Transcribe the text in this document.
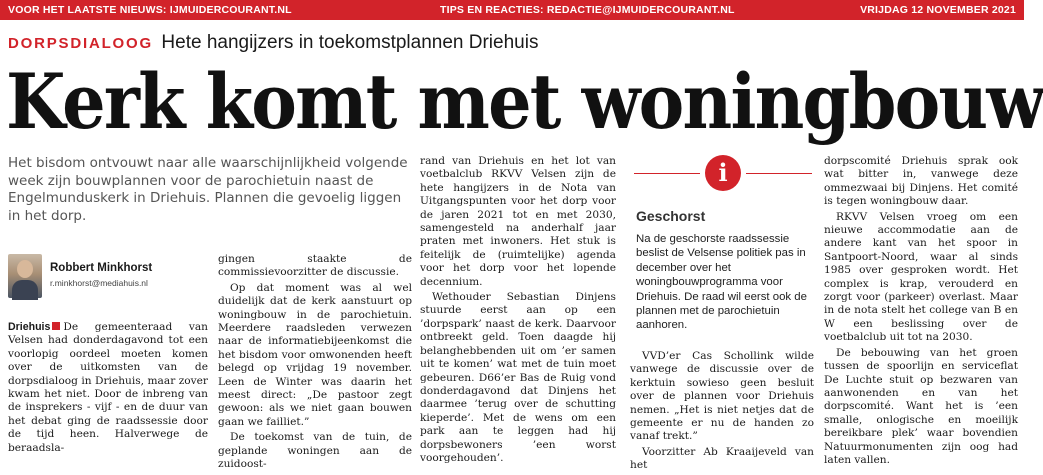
VOOR HET LAATSTE NIEUWS: IJMUIDERCOURANT.NL	TIPS EN REACTIES: REDACTIE@IJMUIDERCOURANT.NL	VRIJDAG 12 NOVEMBER 2021
DORPSDIALOOG Hete hangijzers in toekomstplannen Driehuis
Kerk komt met woningbouw
Het bisdom ontvouwt naar alle waarschijnlijkheid volgende week zijn bouwplannen voor de parochietuin naast de Engelmunduskerk in Driehuis. Plannen die gevoelig liggen in het dorp.
Robbert Minkhorst
r.minkhorst@mediahuis.nl

Driehuis De gemeenteraad van Velsen had donderdagavond tot een voorlopig oordeel moeten komen over de uitkomsten van de dorpsdialoog in Driehuis, maar zover kwam het niet. Door de inbreng van de insprekers - vijf - en de duur van het debat ging de raadssessie door de tijd heen. Halverwege de beraadsla-

gingen staakte de commissievoorzitter de discussie.

Op dat moment was al wel duidelijk dat de kerk aanstuurt op woningbouw in de parochietuin. Meerdere raadsleden verwezen naar de informatiebijeenkomst die het bisdom voor omwonenden heeft belegd op vrijdag 19 november. Leen de Winter was daarin het meest direct: „De pastoor zegt gewoon: als we niet gaan bouwen gaan we failliet.”

De toekomst van de tuin, de geplande woningen aan de zuidoost-

rand van Driehuis en het lot van voetbalclub RKVV Velsen zijn de hete hangijzers in de Nota van Uitgangspunten voor het dorp voor de jaren 2021 tot en met 2030, samengesteld na anderhalf jaar praten met inwoners. Het stuk is feitelijk de (ruimtelijke) agenda voor het dorp voor het lopende decennium.

Wethouder Sebastian Dinjens stuurde eerst aan op een ’dorpspark’ naast de kerk. Daarvoor ontbreekt geld. Toen daagde hij belanghebbenden uit om ’er samen uit te komen’ wat met de tuin moet gebeuren. D66’er Bas de Ruig vond donderdagavond dat Dinjens het daarmee ’terug over de schutting kieperde’. Met de wens om een park aan te leggen had hij dorpsbewoners ’een worst voorgehouden’.

i
Geschorst
Na de geschorste raadssessie beslist de Velsense politiek pas in december over het woningbouwprogramma voor Driehuis. De raad wil eerst ook de plannen met de parochietuin aanhoren.

VVD’er Cas Schollink wilde vanwege de discussie over de kerktuin sowieso geen besluit over de plannen voor Driehuis nemen. „Het is niet netjes dat de gemeente er nu de handen zo vanaf trekt.”

Voorzitter Ab Kraaijeveld van het

dorpscomité Driehuis sprak ook wat bitter in, vanwege deze ommezwaai bij Dinjens. Het comité is tegen woningbouw daar.

RKVV Velsen vroeg om een nieuwe accommodatie aan de andere kant van het spoor in Santpoort-Noord, waar al sinds 1985 over gesproken wordt. Het complex is krap, verouderd en zorgt voor (parkeer) overlast. Maar in de nota stelt het college van B en W een beslissing over de voetbalclub uit tot na 2030.

De bebouwing van het groen tussen de spoorlijn en serviceflat De Luchte stuit op bezwaren van aanwonenden en van het dorpscomité. Want het is ’een smalle, onlogische en moeilijk bereikbare plek’ waar bovendien Natuurmonumenten zijn oog had laten vallen.
